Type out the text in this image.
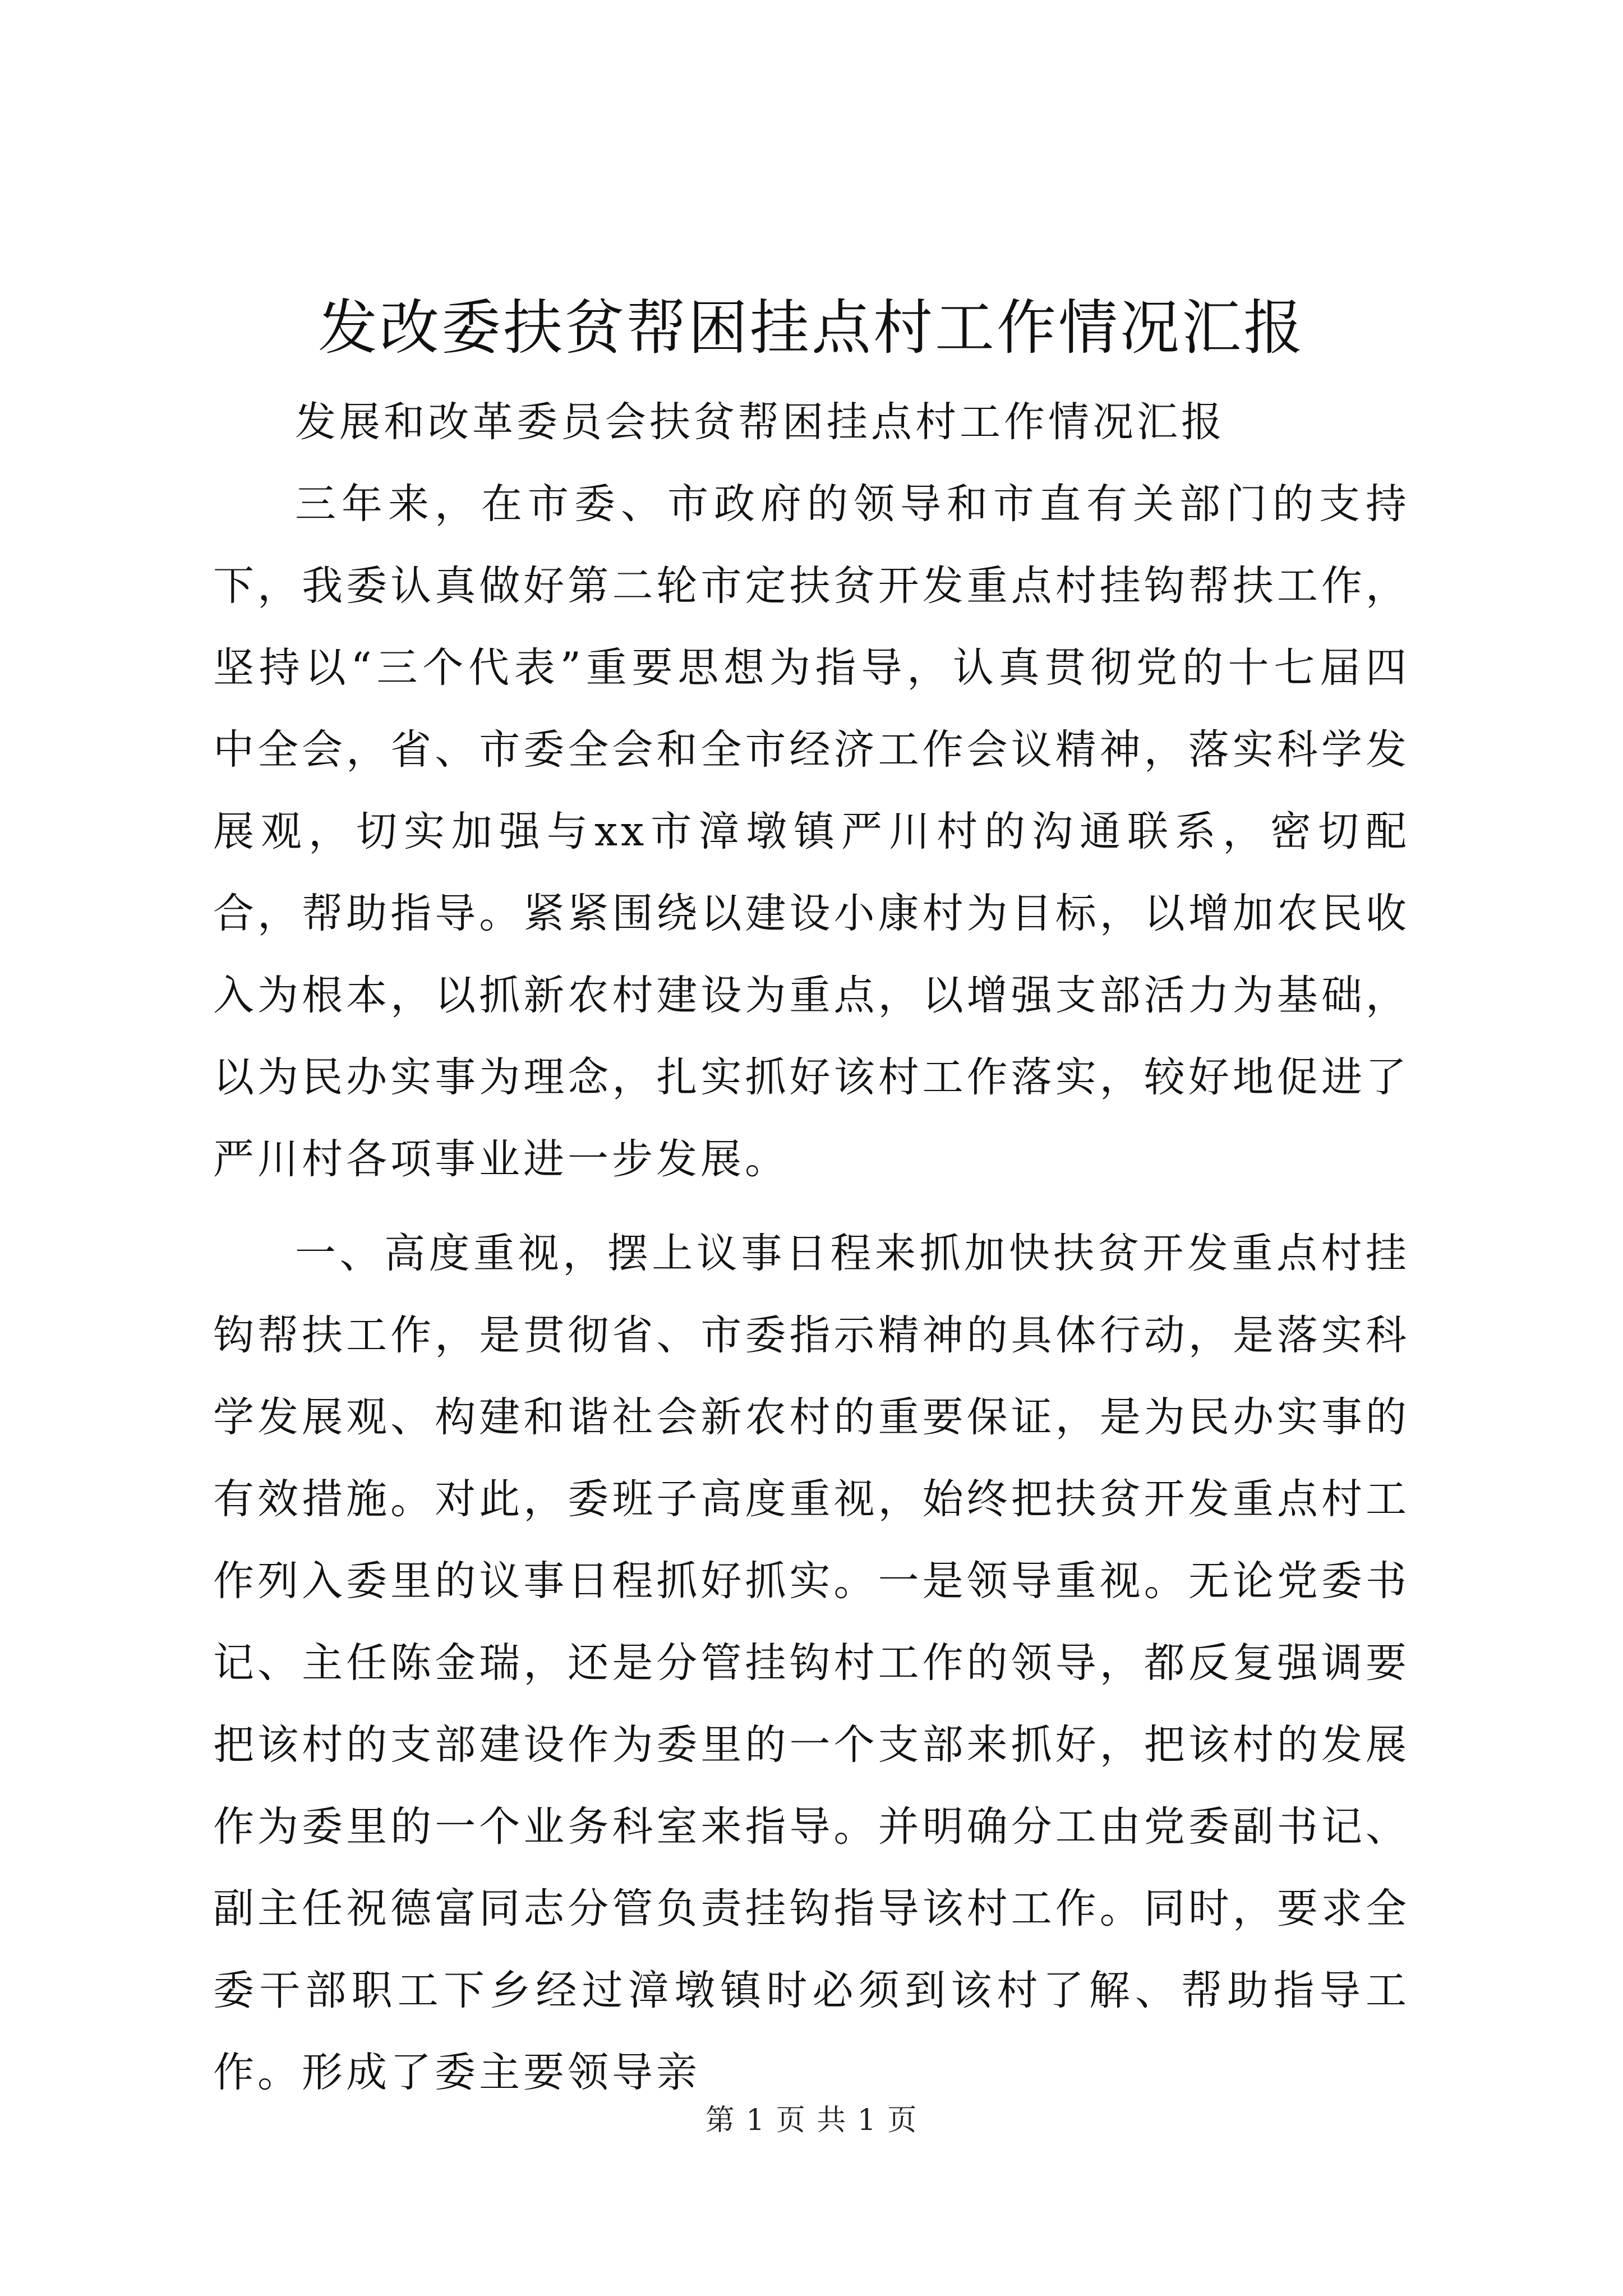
发改委扶贫帮困挂点村工作情况汇报

发展和改革委员会扶贫帮困挂点村工作情况汇报

三年来，在市委、市政府的领导和市直有关部门的支持下，我委认真做好第二轮市定扶贫开发重点村挂钩帮扶工作，坚持以“三个代表”重要思想为指导，认真贯彻党的十七届四中全会，省、市委全会和全市经济工作会议精神，落实科学发展观，切实加强与xx市漳墩镇严川村的沟通联系，密切配合，帮助指导。紧紧围绕以建设小康村为目标，以增加农民收入为根本，以抓新农村建设为重点，以增强支部活力为基础，以为民办实事为理念，扎实抓好该村工作落实，较好地促进了严川村各项事业进一步发展。

一、高度重视，摆上议事日程来抓加快扶贫开发重点村挂钩帮扶工作，是贯彻省、市委指示精神的具体行动，是落实科学发展观、构建和谐社会新农村的重要保证，是为民办实事的有效措施。对此，委班子高度重视，始终把扶贫开发重点村工作列入委里的议事日程抓好抓实。一是领导重视。无论党委书记、主任陈金瑞，还是分管挂钩村工作的领导，都反复强调要把该村的支部建设作为委里的一个支部来抓好，把该村的发展作为委里的一个业务科室来指导。并明确分工由党委副书记、副主任祝德富同志分管负责挂钩指导该村工作。同时，要求全委干部职工下乡经过漳墩镇时必须到该村了解、帮助指导工作。形成了委主要领导亲

第 1 页 共 1 页
